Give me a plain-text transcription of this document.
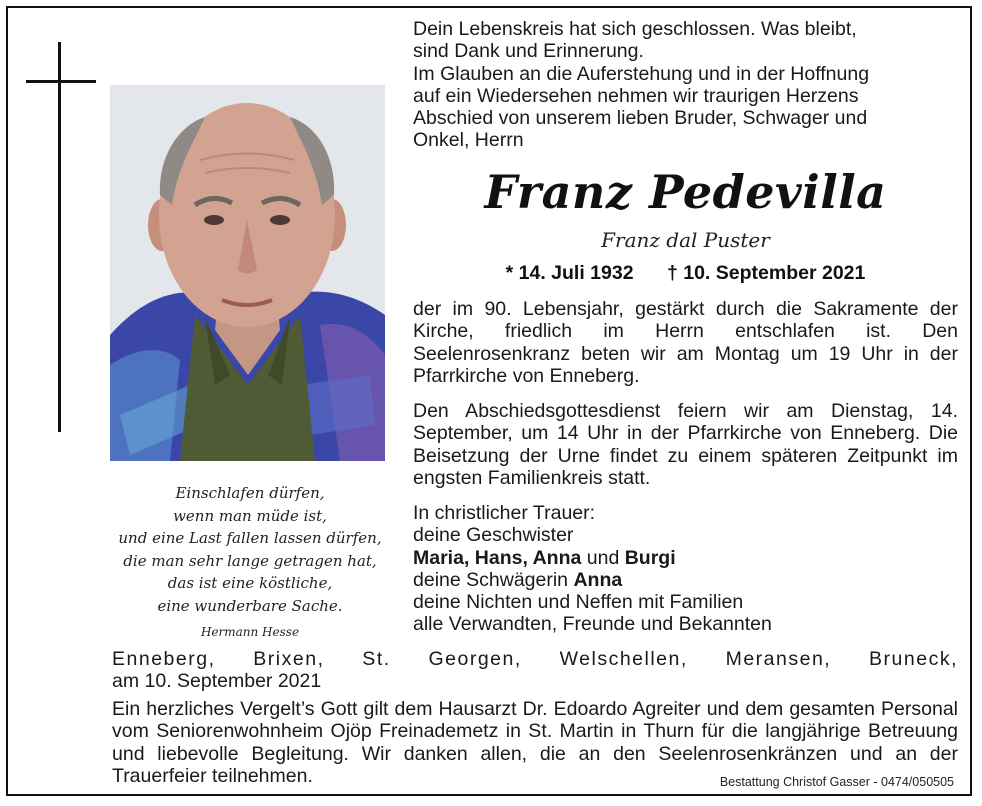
Einschlafen dürfen,
wenn man müde ist,
und eine Last fallen lassen dürfen,
die man sehr lange getragen hat,
das ist eine köstliche,
eine wunderbare Sache.
Hermann Hesse
Dein Lebenskreis hat sich geschlossen. Was bleibt,
sind Dank und Erinnerung.
Im Glauben an die Auferstehung und in der Hoffnung
auf ein Wiedersehen nehmen wir traurigen Herzens
Abschied von unserem lieben Bruder, Schwager und
Onkel, Herrn
Franz Pedevilla
Franz dal Puster
* 14. Juli 1932 † 10. September 2021
der im 90. Lebensjahr, gestärkt durch die Sakramente der Kirche, friedlich im Herrn entschlafen ist. Den Seelenrosenkranz beten wir am Montag um 19 Uhr in der Pfarrkirche von Enneberg.
Den Abschiedsgottesdienst feiern wir am Dienstag, 14. September, um 14 Uhr in der Pfarrkirche von Enneberg. Die Beisetzung der Urne findet zu einem späteren Zeitpunkt im engsten Familienkreis statt.
In christlicher Trauer:
deine Geschwister
Maria, Hans, Anna und Burgi
deine Schwägerin Anna
deine Nichten und Neffen mit Familien
alle Verwandten, Freunde und Bekannten
Enneberg, Brixen, St. Georgen, Welschellen, Meransen, Bruneck,
am 10. September 2021
Ein herzliches Vergelt’s Gott gilt dem Hausarzt Dr. Edoardo Agreiter und dem gesamten Personal vom Seniorenwohnheim Ojöp Freinademetz in St. Martin in Thurn für die langjährige Betreuung und liebevolle Begleitung. Wir danken allen, die an den Seelenrosenkränzen und an der Trauerfeier teilnehmen.	Bestattung Christof Gasser - 0474/050505
